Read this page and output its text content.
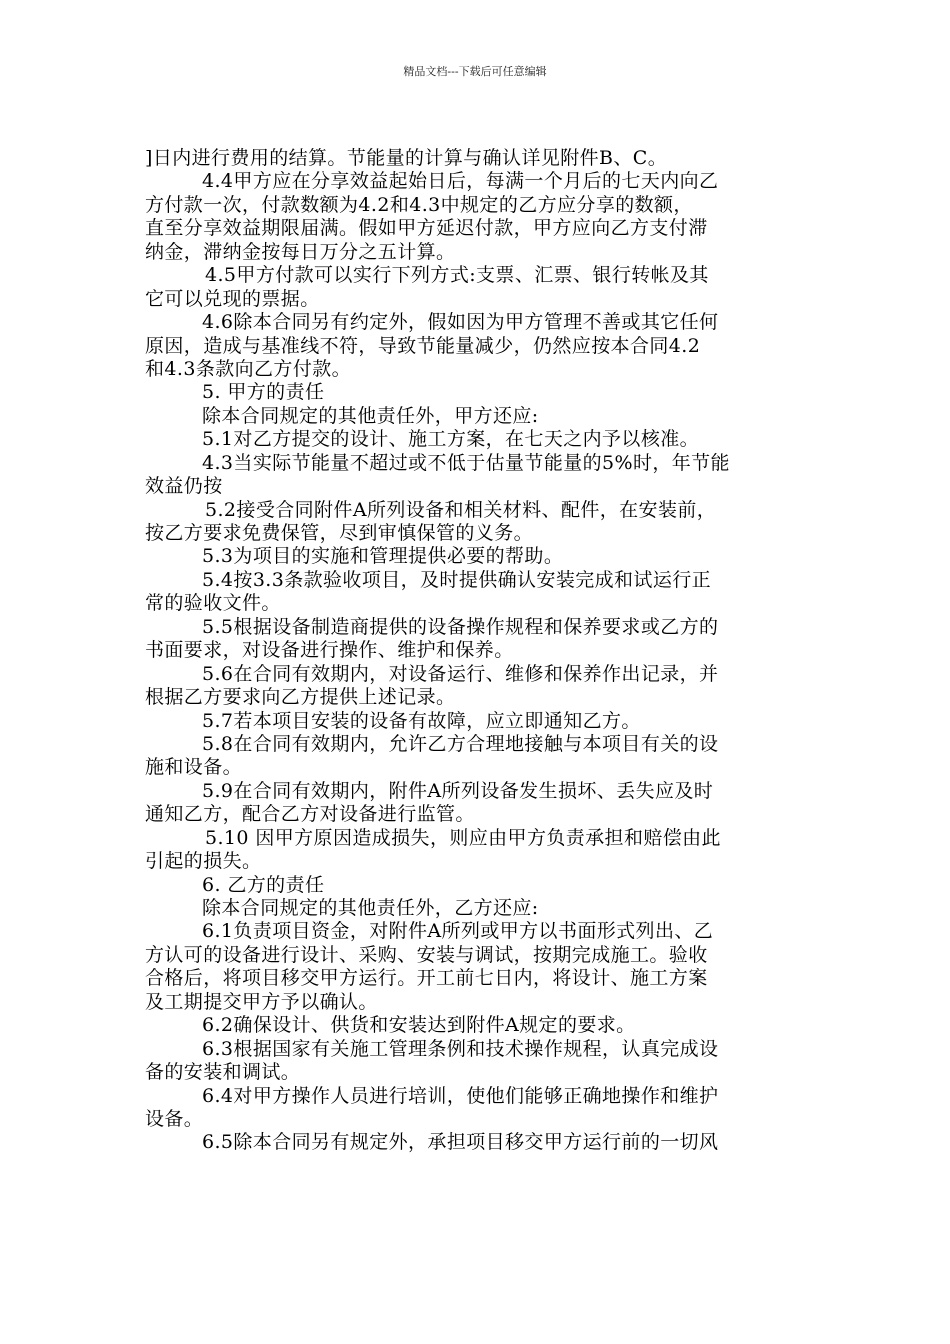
精品文档---下载后可任意编辑
]日内进行费用的结算。节能量的计算与确认详见附件B、C。
4.4甲方应在分享效益起始日后，每满一个月后的七天内向乙
方付款一次，付款数额为4.2和4.3中规定的乙方应分享的数额，
直至分享效益期限届满。假如甲方延迟付款，甲方应向乙方支付滞
纳金，滞纳金按每日万分之五计算。
4.5甲方付款可以实行下列方式:支票、汇票、银行转帐及其
它可以兑现的票据。
4.6除本合同另有约定外，假如因为甲方管理不善或其它任何
原因，造成与基准线不符，导致节能量减少，仍然应按本合同4.2
和4.3条款向乙方付款。
5. 甲方的责任
除本合同规定的其他责任外，甲方还应:
5.1对乙方提交的设计、施工方案，在七天之内予以核准。
4.3当实际节能量不超过或不低于估量节能量的5%时，年节能
效益仍按
5.2接受合同附件A所列设备和相关材料、配件，在安装前，
按乙方要求免费保管，尽到审慎保管的义务。
5.3为项目的实施和管理提供必要的帮助。
5.4按3.3条款验收项目，及时提供确认安装完成和试运行正
常的验收文件。
5.5根据设备制造商提供的设备操作规程和保养要求或乙方的
书面要求，对设备进行操作、维护和保养。
5.6在合同有效期内，对设备运行、维修和保养作出记录，并
根据乙方要求向乙方提供上述记录。
5.7若本项目安装的设备有故障，应立即通知乙方。
5.8在合同有效期内，允许乙方合理地接触与本项目有关的设
施和设备。
5.9在合同有效期内，附件A所列设备发生损坏、丢失应及时
通知乙方，配合乙方对设备进行监管。
5.10 因甲方原因造成损失，则应由甲方负责承担和赔偿由此
引起的损失。
6. 乙方的责任
除本合同规定的其他责任外，乙方还应:
6.1负责项目资金，对附件A所列或甲方以书面形式列出、乙
方认可的设备进行设计、采购、安装与调试，按期完成施工。验收
合格后，将项目移交甲方运行。开工前七日内，将设计、施工方案
及工期提交甲方予以确认。
6.2确保设计、供货和安装达到附件A规定的要求。
6.3根据国家有关施工管理条例和技术操作规程，认真完成设
备的安装和调试。
6.4对甲方操作人员进行培训，使他们能够正确地操作和维护
设备。
6.5除本合同另有规定外，承担项目移交甲方运行前的一切风
